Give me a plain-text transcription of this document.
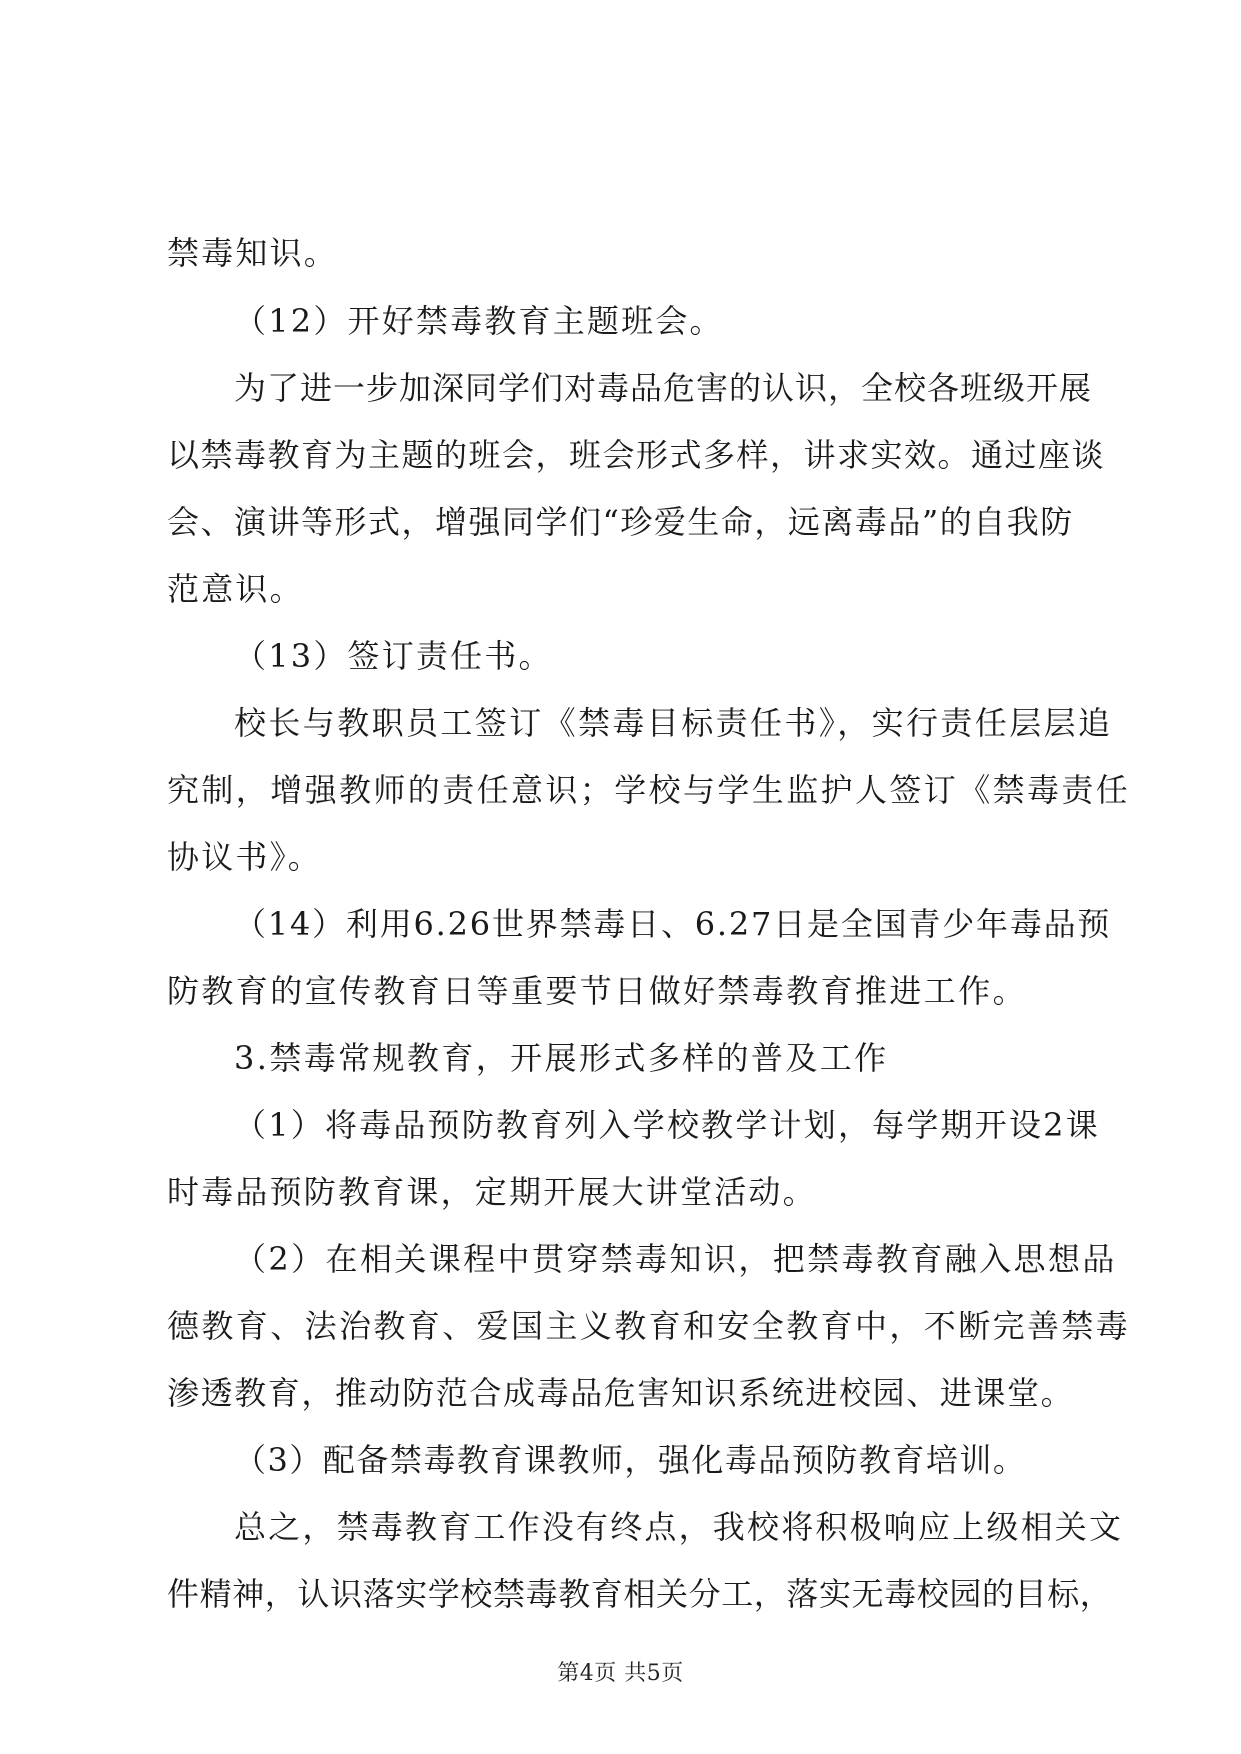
禁毒知识。
（12）开好禁毒教育主题班会。
为了进一步加深同学们对毒品危害的认识，全校各班级开展
以禁毒教育为主题的班会，班会形式多样，讲求实效。通过座谈
会、演讲等形式，增强同学们“珍爱生命，远离毒品”的自我防
范意识。
（13）签订责任书。
校长与教职员工签订《禁毒目标责任书》，实行责任层层追
究制，增强教师的责任意识；学校与学生监护人签订《禁毒责任
协议书》。
（14）利用6.26世界禁毒日、6.27日是全国青少年毒品预
防教育的宣传教育日等重要节日做好禁毒教育推进工作。
3.禁毒常规教育，开展形式多样的普及工作
（1）将毒品预防教育列入学校教学计划，每学期开设2课
时毒品预防教育课，定期开展大讲堂活动。
（2）在相关课程中贯穿禁毒知识，把禁毒教育融入思想品
德教育、法治教育、爱国主义教育和安全教育中，不断完善禁毒
渗透教育，推动防范合成毒品危害知识系统进校园、进课堂。
（3）配备禁毒教育课教师，强化毒品预防教育培训。
总之，禁毒教育工作没有终点，我校将积极响应上级相关文
件精神，认识落实学校禁毒教育相关分工，落实无毒校园的目标，
第4页 共5页
